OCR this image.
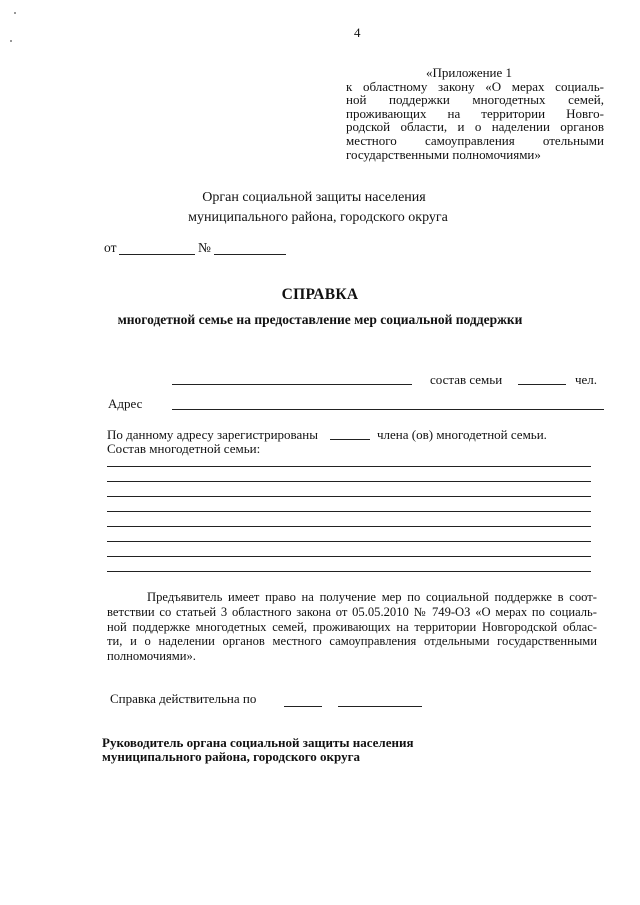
4
«Приложение 1
к областному закону «О мерах социаль-
ной поддержки многодетных семей,
проживающих на территории Новго-
родской области, и о наделении органов
местного самоуправления отельными
государственными полномочиями»
Орган социальной защиты населения
муниципального района, городского округа
от	№
СПРАВКА
многодетной семье на предоставление мер социальной поддержки
состав семьи	чел.
Адрес
По данному адресу зарегистрированы	члена (ов) многодетной семьи.
Состав многодетной семьи:
Предъявитель имеет право на получение мер по социальной поддержке в соот-
ветствии со статьей 3 областного закона от 05.05.2010 № 749-ОЗ «О мерах по социаль-
ной поддержке многодетных семей, проживающих на территории Новгородской облас-
ти, и о наделении органов местного самоуправления отдельными государственными
полномочиями».
Справка действительна по
Руководитель органа социальной защиты населения
муниципального района, городского округа
